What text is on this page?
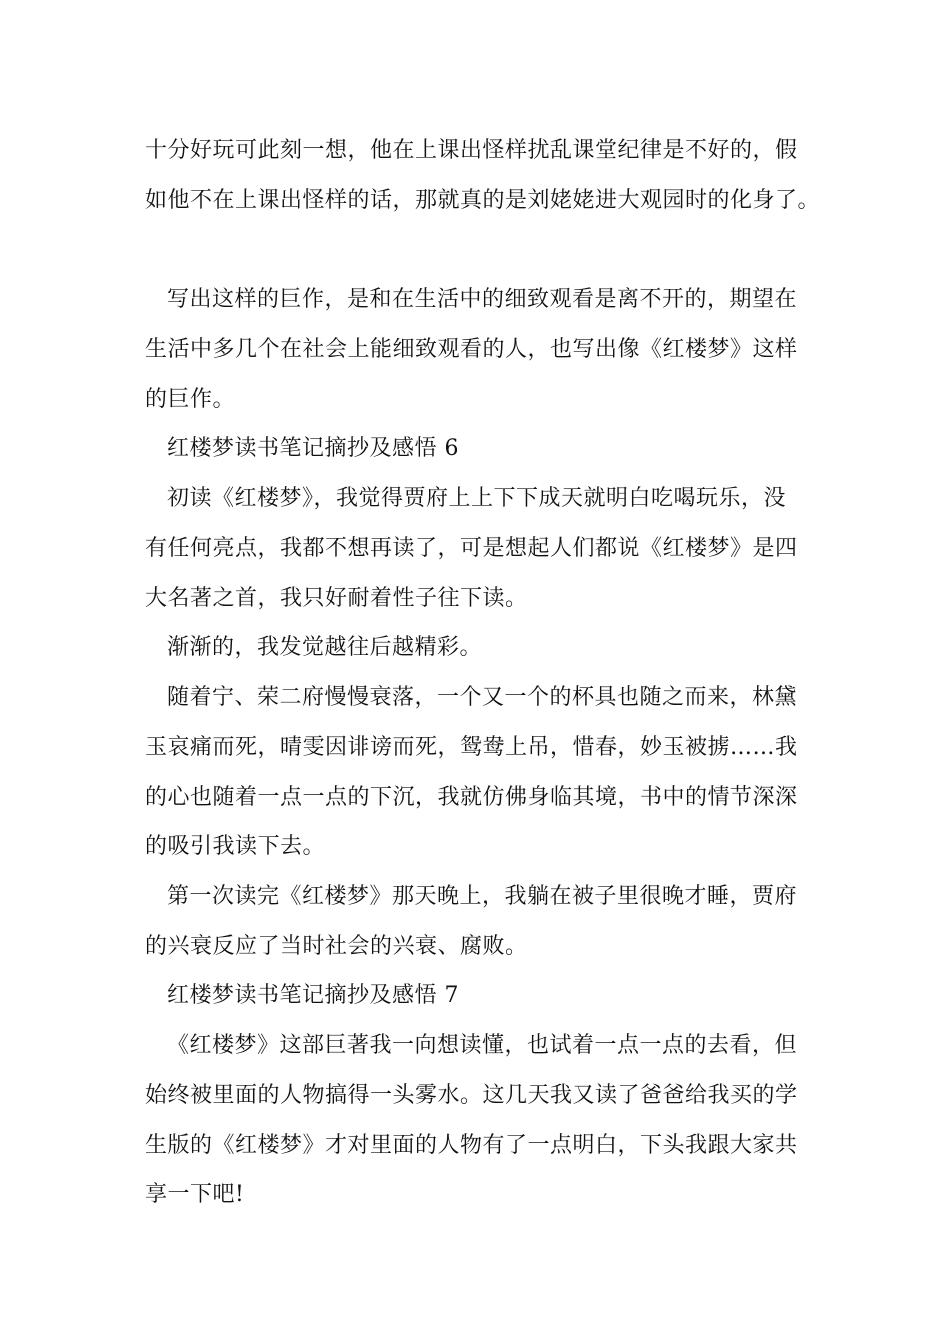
十分好玩可此刻一想，他在上课出怪样扰乱课堂纪律是不好的，假
如他不在上课出怪样的话，那就真的是刘姥姥进大观园时的化身了。
写出这样的巨作，是和在生活中的细致观看是离不开的，期望在
生活中多几个在社会上能细致观看的人，也写出像《红楼梦》这样
的巨作。
红楼梦读书笔记摘抄及感悟 6
初读《红楼梦》，我觉得贾府上上下下成天就明白吃喝玩乐，没
有任何亮点，我都不想再读了，可是想起人们都说《红楼梦》是四
大名著之首，我只好耐着性子往下读。
渐渐的，我发觉越往后越精彩。
随着宁、荣二府慢慢衰落，一个又一个的杯具也随之而来，林黛
玉哀痛而死，晴雯因诽谤而死，鸳鸯上吊，惜春，妙玉被掳……我
的心也随着一点一点的下沉，我就仿佛身临其境，书中的情节深深
的吸引我读下去。
第一次读完《红楼梦》那天晚上，我躺在被子里很晚才睡，贾府
的兴衰反应了当时社会的兴衰、腐败。
红楼梦读书笔记摘抄及感悟 7
《红楼梦》这部巨著我一向想读懂，也试着一点一点的去看，但
始终被里面的人物搞得一头雾水。这几天我又读了爸爸给我买的学
生版的《红楼梦》才对里面的人物有了一点明白，下头我跟大家共
享一下吧!
